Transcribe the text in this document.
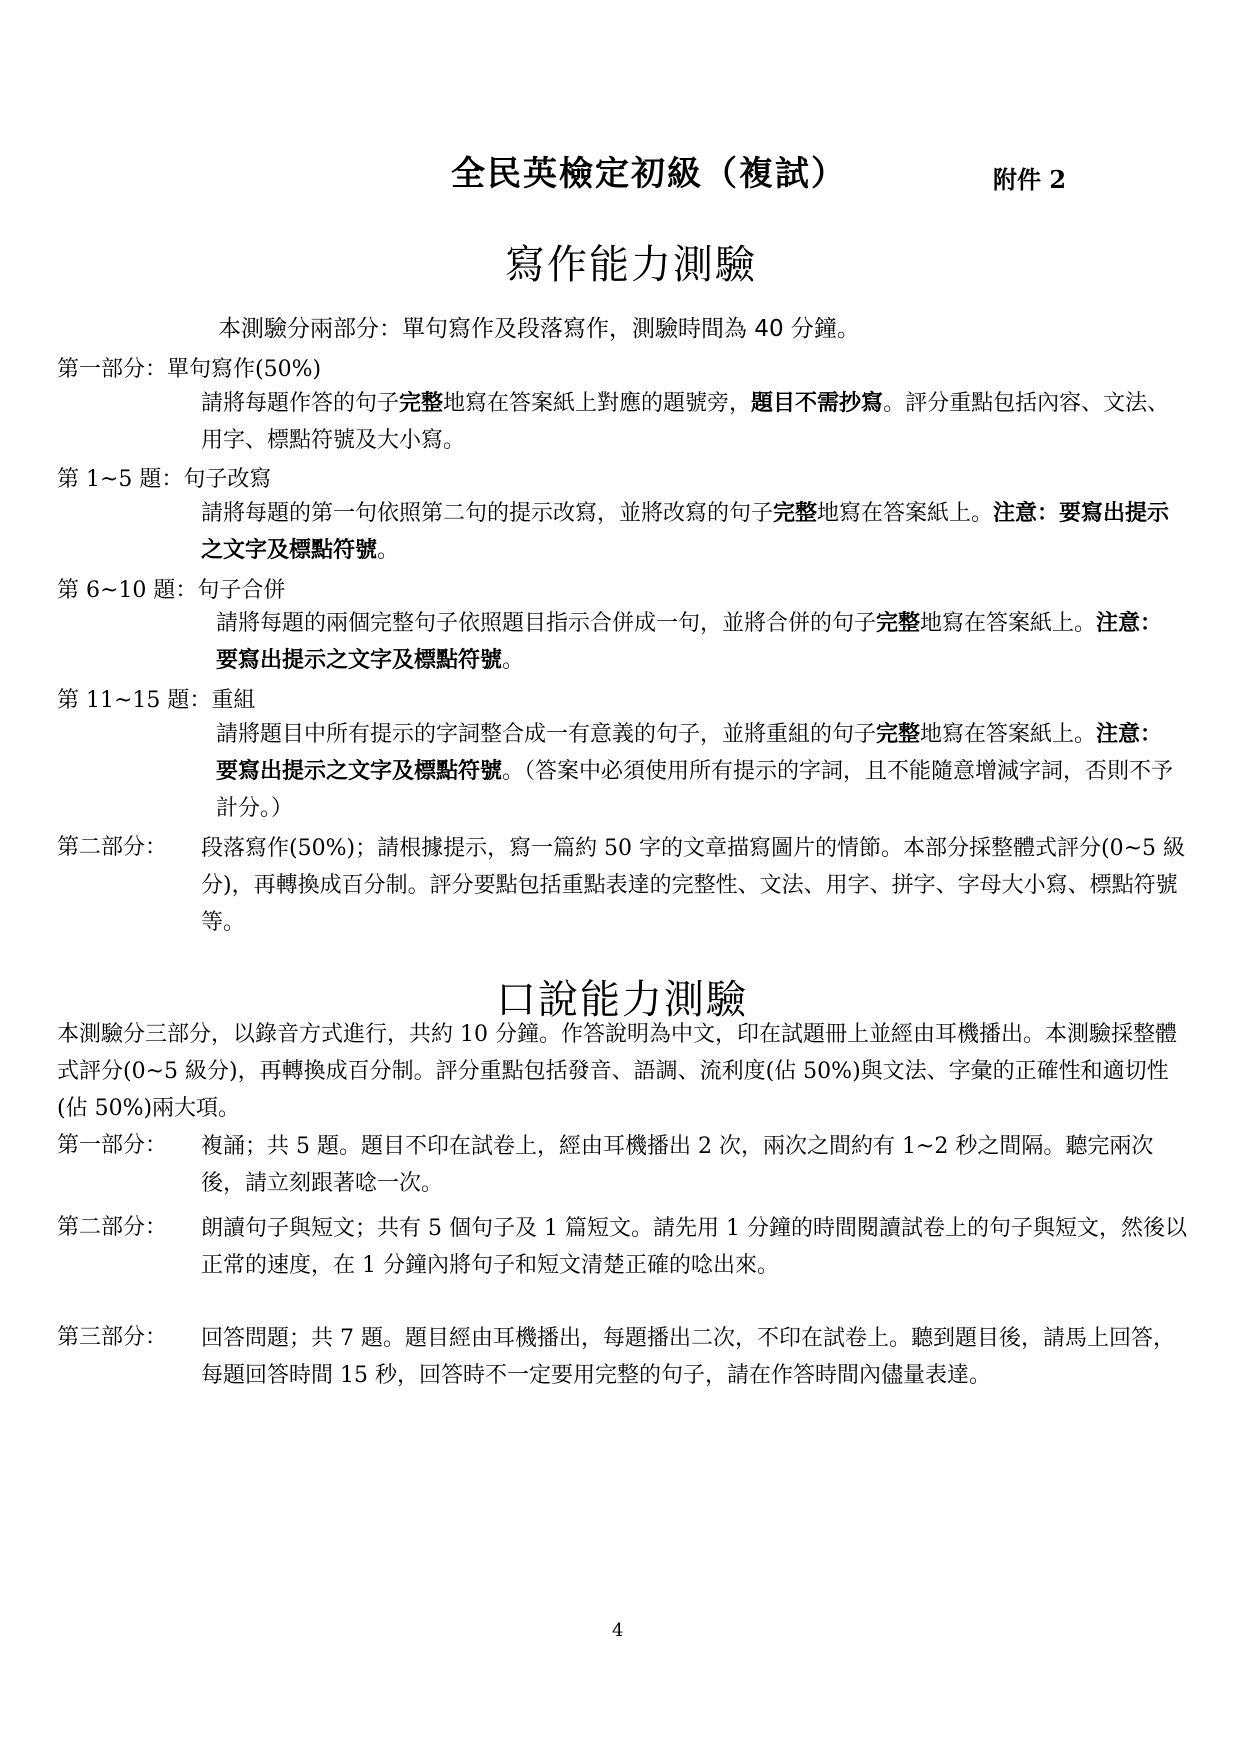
全民英檢定初級（複試）	附件 2
寫作能力測驗
本測驗分兩部分：單句寫作及段落寫作，測驗時間為 40 分鐘。
第一部分：單句寫作(50%)
請將每題作答的句子完整地寫在答案紙上對應的題號旁，題目不需抄寫。評分重點包括內容、文法、用字、標點符號及大小寫。
第 1~5 題：句子改寫
請將每題的第一句依照第二句的提示改寫，並將改寫的句子完整地寫在答案紙上。注意：要寫出提示之文字及標點符號。
第 6~10 題：句子合併
請將每題的兩個完整句子依照題目指示合併成一句，並將合併的句子完整地寫在答案紙上。注意：要寫出提示之文字及標點符號。
第 11~15 題：重組
請將題目中所有提示的字詞整合成一有意義的句子，並將重組的句子完整地寫在答案紙上。注意：要寫出提示之文字及標點符號。（答案中必須使用所有提示的字詞，且不能隨意增減字詞，否則不予計分。）
第二部分： 段落寫作(50%)；請根據提示，寫一篇約 50 字的文章描寫圖片的情節。本部分採整體式評分(0~5 級分)，再轉換成百分制。評分要點包括重點表達的完整性、文法、用字、拼字、字母大小寫、標點符號等。
口說能力測驗
本測驗分三部分，以錄音方式進行，共約 10 分鐘。作答說明為中文，印在試題冊上並經由耳機播出。本測驗採整體式評分(0~5 級分)，再轉換成百分制。評分重點包括發音、語調、流利度(佔 50%)與文法、字彙的正確性和適切性(佔 50%)兩大項。
第一部分： 複誦；共 5 題。題目不印在試卷上，經由耳機播出 2 次，兩次之間約有 1~2 秒之間隔。聽完兩次後，請立刻跟著唸一次。
第二部分： 朗讀句子與短文；共有 5 個句子及 1 篇短文。請先用 1 分鐘的時間閱讀試卷上的句子與短文，然後以正常的速度，在 1 分鐘內將句子和短文清楚正確的唸出來。
第三部分： 回答問題；共 7 題。題目經由耳機播出，每題播出二次，不印在試卷上。聽到題目後，請馬上回答，每題回答時間 15 秒，回答時不一定要用完整的句子，請在作答時間內儘量表達。
4
